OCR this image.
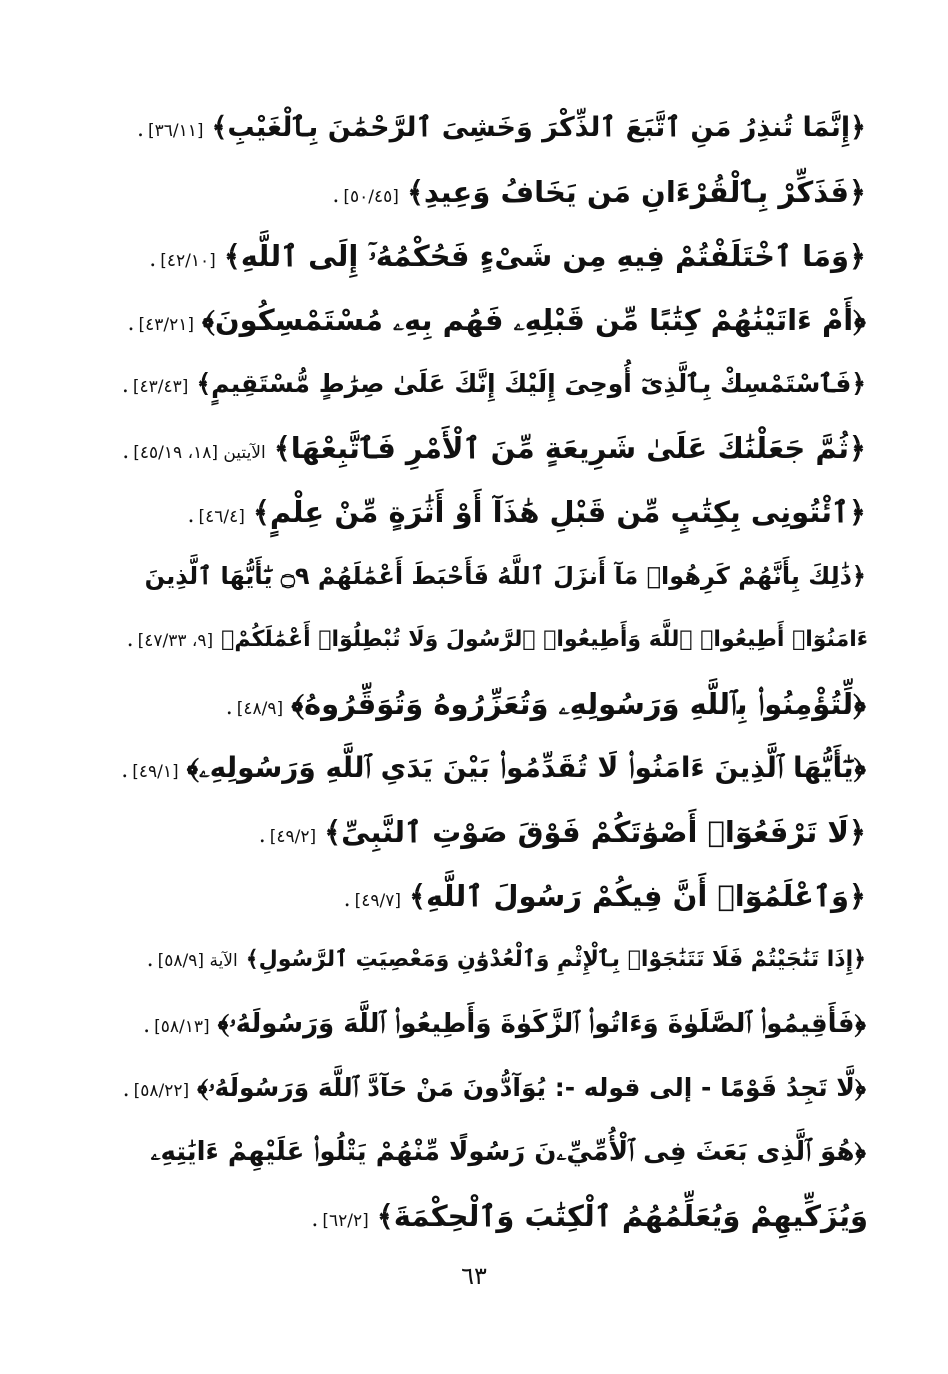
﴿إِنَّمَا تُنذِرُ مَنِ ٱتَّبَعَ ٱلذِّكْرَ وَخَشِىَ ٱلرَّحْمَٰنَ بِٱلْغَيْبِ﴾[٣٦/١١].
﴿فَذَكِّرْ بِٱلْقُرْءَانِ مَن يَخَافُ وَعِيدِ﴾[٥٠/٤٥].
﴿وَمَا ٱخْتَلَفْتُمْ فِيهِ مِن شَىْءٍ فَحُكْمُهُۥٓ إِلَى ٱللَّهِ﴾[٤٢/١٠].
﴿أَمْ ءَاتَيْنَٰهُمْ كِتَٰبًا مِّن قَبْلِهِۦ فَهُم بِهِۦ مُسْتَمْسِكُونَ﴾[٤٣/٢١].
﴿فَٱسْتَمْسِكْ بِٱلَّذِىٓ أُوحِىَ إِلَيْكَ إِنَّكَ عَلَىٰ صِرَٰطٍ مُّسْتَقِيمٍ﴾[٤٣/٤٣].
﴿ثُمَّ جَعَلْنَٰكَ عَلَىٰ شَرِيعَةٍ مِّنَ ٱلْأَمْرِ فَٱتَّبِعْهَا﴾الآيتين [١٨، ٤٥/١٩].
﴿ٱئْتُونِى بِكِتَٰبٍ مِّن قَبْلِ هَٰذَآ أَوْ أَثَٰرَةٍ مِّنْ عِلْمٍ﴾[٤٦/٤].
﴿ذَٰلِكَ بِأَنَّهُمْ كَرِهُوا۟ مَآ أَنزَلَ ٱللَّهُ فَأَحْبَطَ أَعْمَٰلَهُمْ ۝٩ يَٰٓأَيُّهَا ٱلَّذِينَ
ءَامَنُوٓا۟ أَطِيعُوا۟ ٱللَّهَ وَأَطِيعُوا۟ ٱلرَّسُولَ وَلَا تُبْطِلُوٓا۟ أَعْمَٰلَكُمْ﴾[٩، ٤٧/٣٣].
﴿لِّتُؤْمِنُوا۟ بِٱللَّهِ وَرَسُولِهِۦ وَتُعَزِّرُوهُ وَتُوَقِّرُوهُ﴾[٤٨/٩].
﴿يَٰٓأَيُّهَا ٱلَّذِينَ ءَامَنُوا۟ لَا تُقَدِّمُوا۟ بَيْنَ يَدَىِ ٱللَّهِ وَرَسُولِهِۦ﴾[٤٩/١].
﴿لَا تَرْفَعُوٓا۟ أَصْوَٰتَكُمْ فَوْقَ صَوْتِ ٱلنَّبِىِّ﴾[٤٩/٢].
﴿وَٱعْلَمُوٓا۟ أَنَّ فِيكُمْ رَسُولَ ٱللَّهِ﴾[٤٩/٧].
﴿إِذَا تَنَٰجَيْتُمْ فَلَا تَتَنَٰجَوْا۟ بِٱلْإِثْمِ وَٱلْعُدْوَٰنِ وَمَعْصِيَتِ ٱلرَّسُولِ﴾الآية [٥٨/٩].
﴿فَأَقِيمُوا۟ ٱلصَّلَوٰةَ وَءَاتُوا۟ ٱلزَّكَوٰةَ وَأَطِيعُوا۟ ٱللَّهَ وَرَسُولَهُۥ﴾[٥٨/١٣].
﴿لَّا تَجِدُ قَوْمًا - إلى قوله -: يُوَآدُّونَ مَنْ حَآدَّ ٱللَّهَ وَرَسُولَهُۥ﴾[٥٨/٢٢].
﴿هُوَ ٱلَّذِى بَعَثَ فِى ٱلْأُمِّيِّۦنَ رَسُولًا مِّنْهُمْ يَتْلُوا۟ عَلَيْهِمْ ءَايَٰتِهِۦ
وَيُزَكِّيهِمْ وَيُعَلِّمُهُمُ ٱلْكِتَٰبَ وَٱلْحِكْمَةَ﴾[٦٢/٢].
٦٣
